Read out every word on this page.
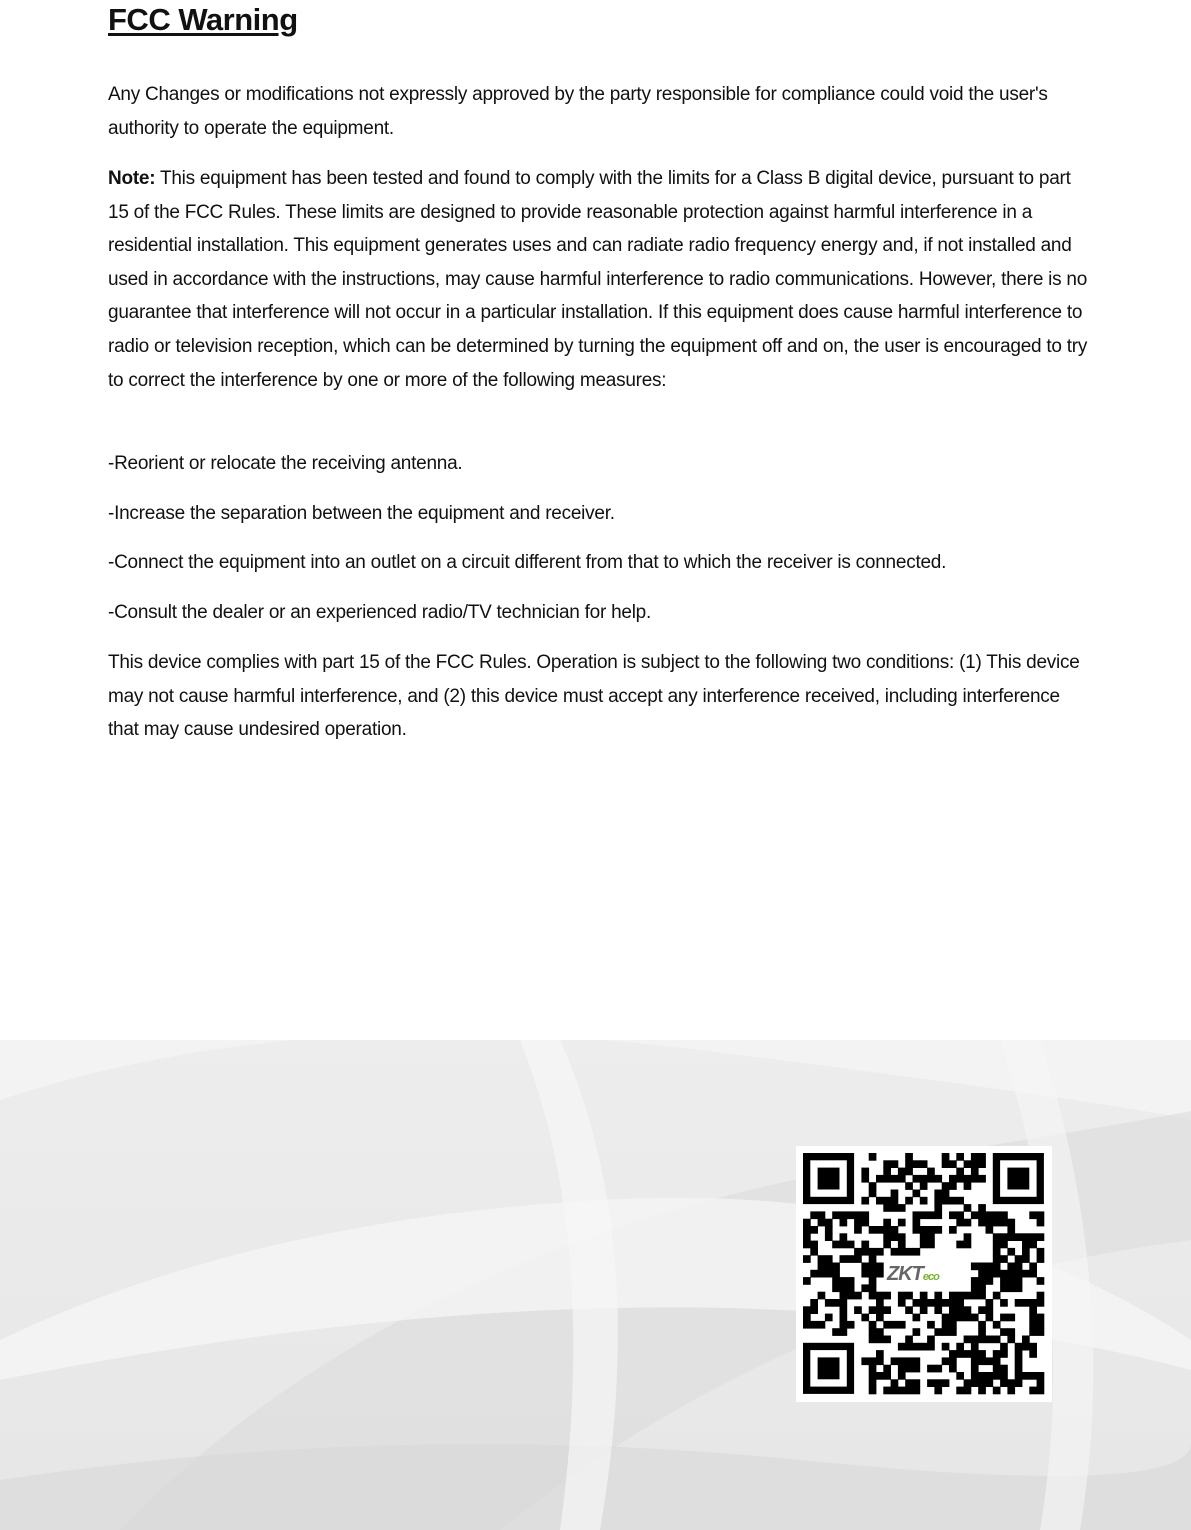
FCC Warning

Any Changes or modifications not expressly approved by the party responsible for compliance could void the user's authority to operate the equipment.

Note: This equipment has been tested and found to comply with the limits for a Class B digital device, pursuant to part 15 of the FCC Rules. These limits are designed to provide reasonable protection against harmful interference in a residential installation. This equipment generates uses and can radiate radio frequency energy and, if not installed and used in accordance with the instructions, may cause harmful interference to radio communications. However, there is no guarantee that interference will not occur in a particular installation. If this equipment does cause harmful interference to radio or television reception, which can be determined by turning the equipment off and on, the user is encouraged to try to correct the interference by one or more of the following measures:

-Reorient or relocate the receiving antenna.

-Increase the separation between the equipment and receiver.

-Connect the equipment into an outlet on a circuit different from that to which the receiver is connected.

-Consult the dealer or an experienced radio/TV technician for help.

This device complies with part 15 of the FCC Rules. Operation is subject to the following two conditions: (1) This device may not cause harmful interference, and (2) this device must accept any interference received, including interference that may cause undesired operation.

ZKTeco
